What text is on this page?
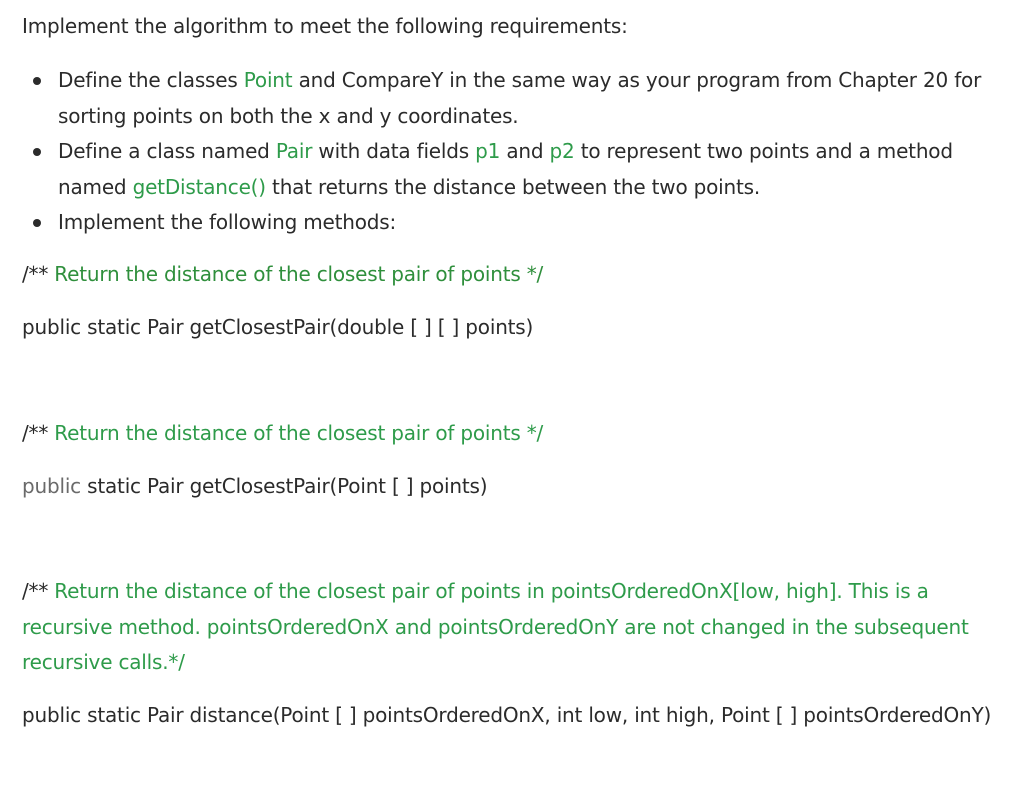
Implement the algorithm to meet the following requirements:
Define the classes Point and CompareY in the same way as your program from Chapter 20 for sorting points on both the x and y coordinates.
Define a class named Pair with data fields p1 and p2 to represent two points and a method named getDistance() that returns the distance between the two points.
Implement the following methods:
/** Return the distance of the closest pair of points */
public static Pair getClosestPair(double [ ] [ ] points)
/** Return the distance of the closest pair of points */
public static Pair getClosestPair(Point [ ] points)
/** Return the distance of the closest pair of points in pointsOrderedOnX[low, high]. This is a recursive method. pointsOrderedOnX and pointsOrderedOnY are not changed in the subsequent recursive calls.*/
public static Pair distance(Point [ ] pointsOrderedOnX, int low, int high, Point [ ] pointsOrderedOnY)
